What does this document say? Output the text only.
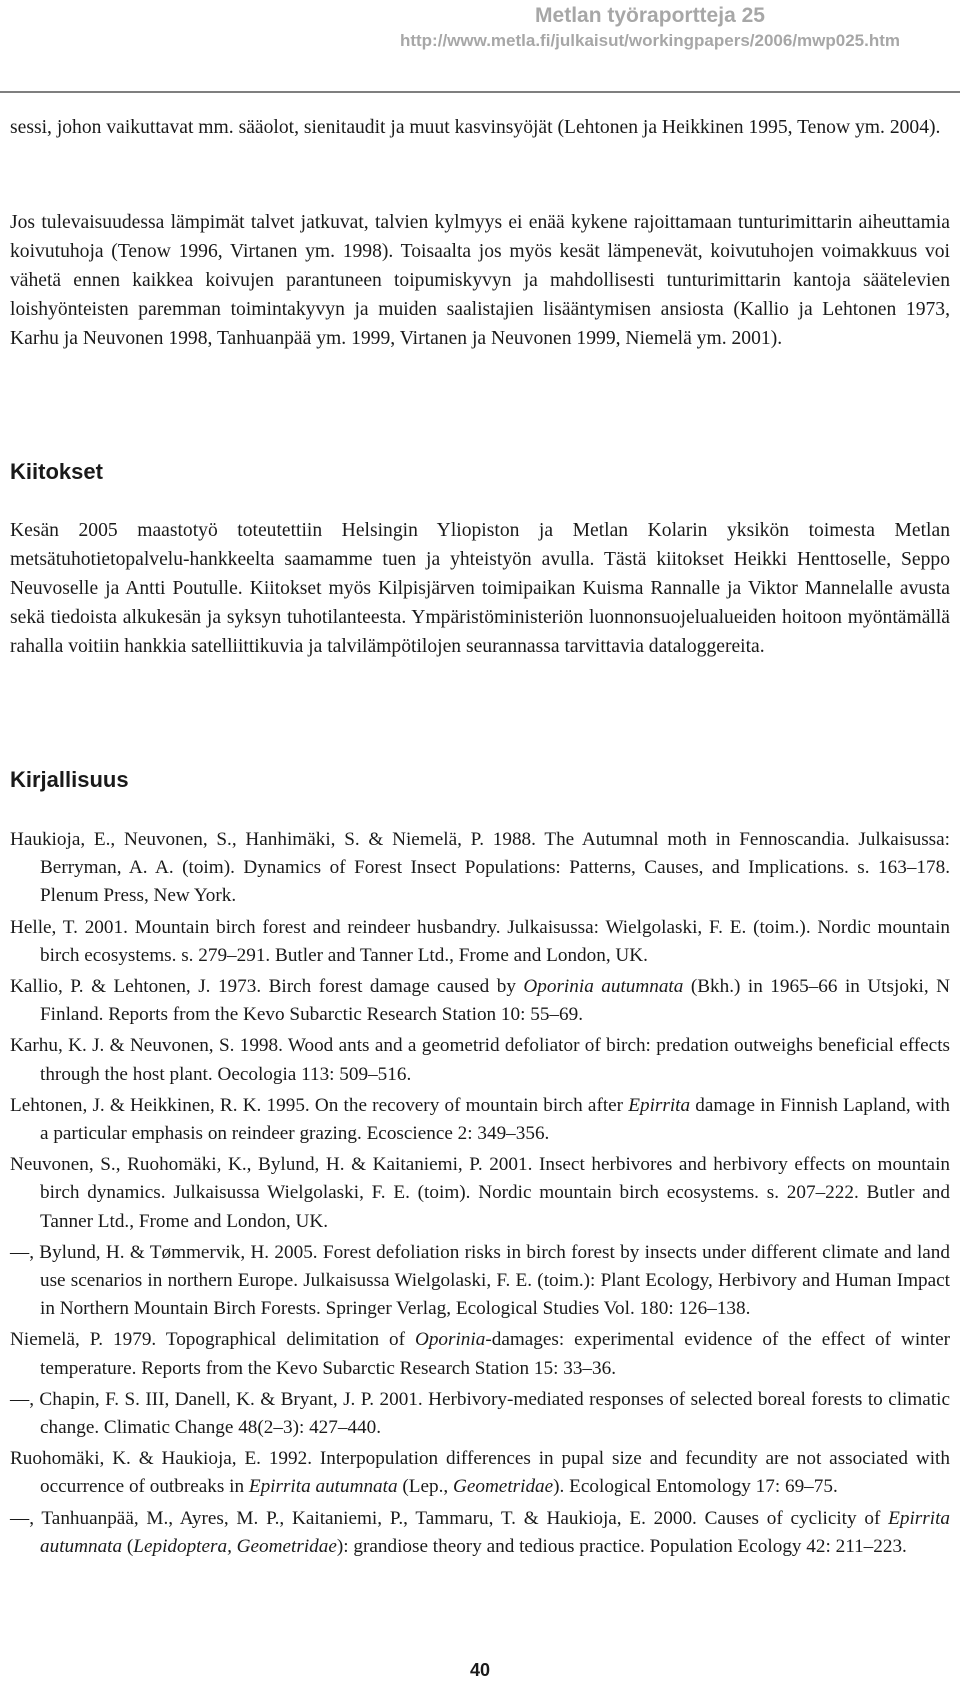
Metlan työraportteja 25
http://www.metla.fi/julkaisut/workingpapers/2006/mwp025.htm

sessi, johon vaikuttavat mm. sääolot, sienitaudit ja muut kasvinsyöjät (Lehtonen ja Heikkinen 1995, Tenow ym. 2004).

Jos tulevaisuudessa lämpimät talvet jatkuvat, talvien kylmyys ei enää kykene rajoittamaan tunturimittarin aiheuttamia koivutuhoja (Tenow 1996, Virtanen ym. 1998). Toisaalta jos myös kesät lämpenevät, koivutuhojen voimakkuus voi vähetä ennen kaikkea koivujen parantuneen toipumiskyvyn ja mahdollisesti tunturimittarin kantoja säätelevien loishyönteisten paremman toimintakyvyn ja muiden saalistajien lisääntymisen ansiosta (Kallio ja Lehtonen 1973, Karhu ja Neuvonen 1998, Tanhuanpää ym. 1999, Virtanen ja Neuvonen 1999, Niemelä ym. 2001).

Kiitokset

Kesän 2005 maastotyö toteutettiin Helsingin Yliopiston ja Metlan Kolarin yksikön toimesta Metlan metsätuhotietopalvelu-hankkeelta saamamme tuen ja yhteistyön avulla. Tästä kiitokset Heikki Henttoselle, Seppo Neuvoselle ja Antti Poutulle. Kiitokset myös Kilpisjärven toimipaikan Kuisma Rannalle ja Viktor Mannelalle avusta sekä tiedoista alkukesän ja syksyn tuhotilanteesta. Ympäristöministeriön luonnonsuojelualueiden hoitoon myöntämällä rahalla voitiin hankkia satelliittikuvia ja talvilämpötilojen seurannassa tarvittavia dataloggereita.

Kirjallisuus

Haukioja, E., Neuvonen, S., Hanhimäki, S. & Niemelä, P. 1988. The Autumnal moth in Fennoscandia. Julkaisussa: Berryman, A. A. (toim). Dynamics of Forest Insect Populations: Patterns, Causes, and Implications. s. 163–178. Plenum Press, New York.

Helle, T. 2001. Mountain birch forest and reindeer husbandry. Julkaisussa: Wielgolaski, F. E. (toim.). Nordic mountain birch ecosystems. s. 279–291. Butler and Tanner Ltd., Frome and London, UK.

Kallio, P. & Lehtonen, J. 1973. Birch forest damage caused by Oporinia autumnata (Bkh.) in 1965–66 in Utsjoki, N Finland. Reports from the Kevo Subarctic Research Station 10: 55–69.

Karhu, K. J. & Neuvonen, S. 1998. Wood ants and a geometrid defoliator of birch: predation outweighs beneficial effects through the host plant. Oecologia 113: 509–516.

Lehtonen, J. & Heikkinen, R. K. 1995. On the recovery of mountain birch after Epirrita damage in Finnish Lapland, with a particular emphasis on reindeer grazing. Ecoscience 2: 349–356.

Neuvonen, S., Ruohomäki, K., Bylund, H. & Kaitaniemi, P. 2001. Insect herbivores and herbivory effects on mountain birch dynamics. Julkaisussa Wielgolaski, F. E. (toim). Nordic mountain birch ecosystems. s. 207–222. Butler and Tanner Ltd., Frome and London, UK.

—, Bylund, H. & Tømmervik, H. 2005. Forest defoliation risks in birch forest by insects under different climate and land use scenarios in northern Europe. Julkaisussa Wielgolaski, F. E. (toim.): Plant Ecology, Herbivory and Human Impact in Northern Mountain Birch Forests. Springer Verlag, Ecological Studies Vol. 180: 126–138.

Niemelä, P. 1979. Topographical delimitation of Oporinia-damages: experimental evidence of the effect of winter temperature. Reports from the Kevo Subarctic Research Station 15: 33–36.

—, Chapin, F. S. III, Danell, K. & Bryant, J. P. 2001. Herbivory-mediated responses of selected boreal forests to climatic change. Climatic Change 48(2–3): 427–440.

Ruohomäki, K. & Haukioja, E. 1992. Interpopulation differences in pupal size and fecundity are not associated with occurrence of outbreaks in Epirrita autumnata (Lep., Geometridae). Ecological Entomology 17: 69–75.

—, Tanhuanpää, M., Ayres, M. P., Kaitaniemi, P., Tammaru, T. & Haukioja, E. 2000. Causes of cyclicity of Epirrita autumnata (Lepidoptera, Geometridae): grandiose theory and tedious practice. Population Ecology 42: 211–223.

40
